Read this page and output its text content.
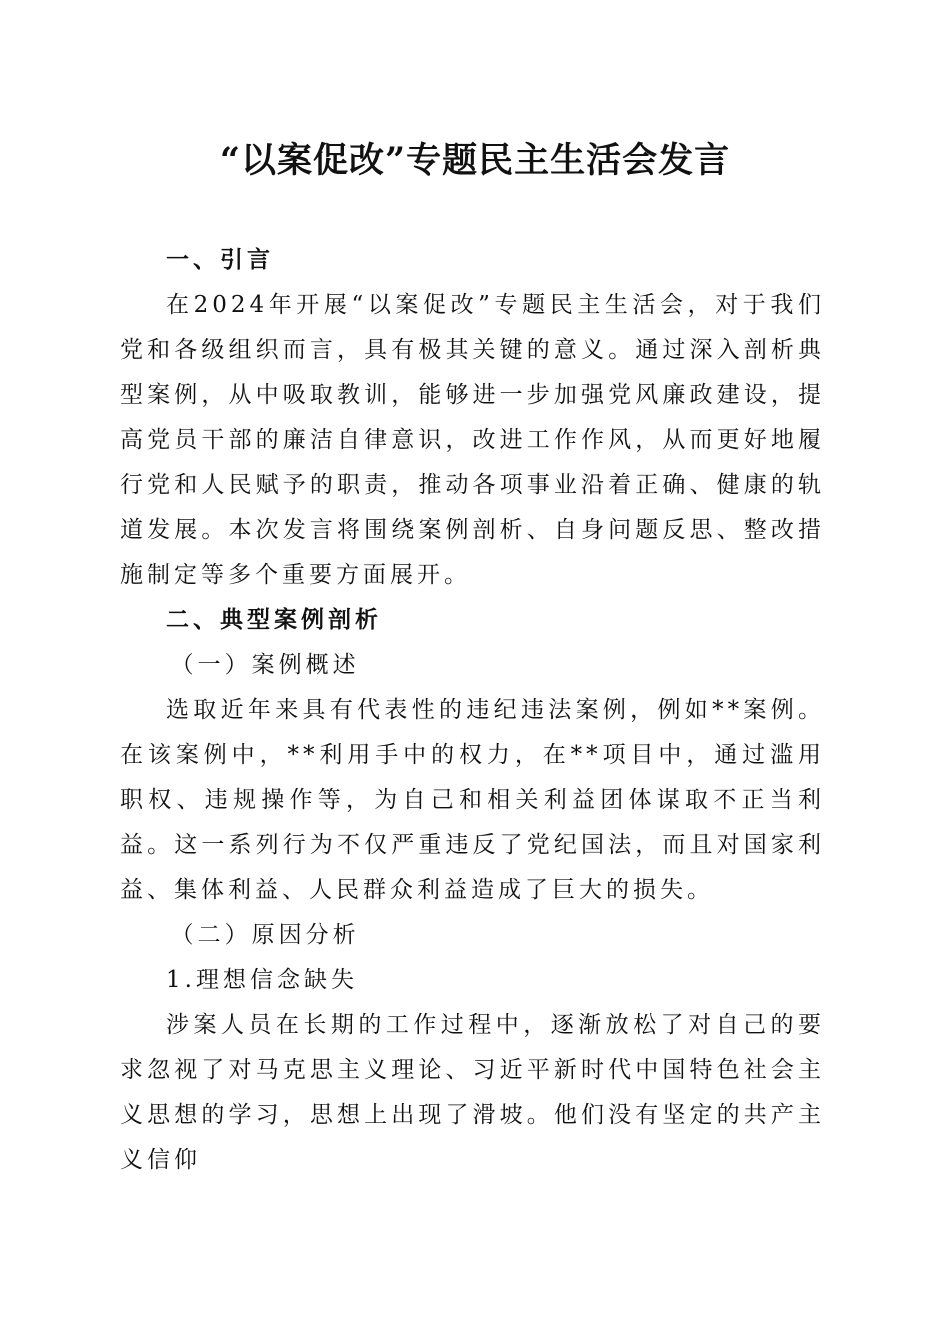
“以案促改”专题民主生活会发言

一、引言

在2024年开展“以案促改”专题民主生活会，对于我们党和各级组织而言，具有极其关键的意义。通过深入剖析典型案例，从中吸取教训，能够进一步加强党风廉政建设，提高党员干部的廉洁自律意识，改进工作作风，从而更好地履行党和人民赋予的职责，推动各项事业沿着正确、健康的轨道发展。本次发言将围绕案例剖析、自身问题反思、整改措施制定等多个重要方面展开。

二、典型案例剖析

（一）案例概述

选取近年来具有代表性的违纪违法案例，例如**案例。在该案例中，**利用手中的权力，在**项目中，通过滥用职权、违规操作等，为自己和相关利益团体谋取不正当利益。这一系列行为不仅严重违反了党纪国法，而且对国家利益、集体利益、人民群众利益造成了巨大的损失。

（二）原因分析

1.理想信念缺失

涉案人员在长期的工作过程中，逐渐放松了对自己的要求忽视了对马克思主义理论、习近平新时代中国特色社会主义思想的学习，思想上出现了滑坡。他们没有坚定的共产主义信仰
